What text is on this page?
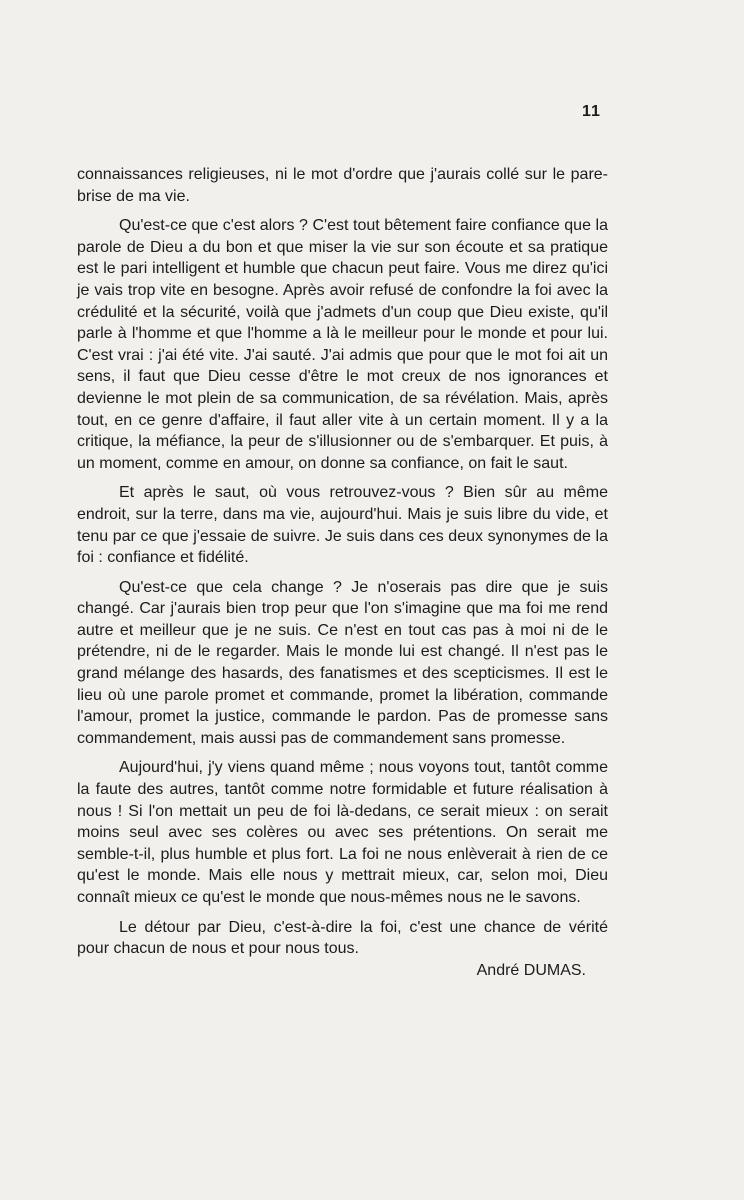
11

connaissances religieuses, ni le mot d'ordre que j'aurais collé sur le pare-brise de ma vie.

Qu'est-ce que c'est alors ? C'est tout bêtement faire confiance que la parole de Dieu a du bon et que miser la vie sur son écoute et sa pratique est le pari intelligent et humble que chacun peut faire. Vous me direz qu'ici je vais trop vite en besogne. Après avoir refusé de confondre la foi avec la crédulité et la sécurité, voilà que j'admets d'un coup que Dieu existe, qu'il parle à l'homme et que l'homme a là le meilleur pour le monde et pour lui. C'est vrai : j'ai été vite. J'ai sauté. J'ai admis que pour que le mot foi ait un sens, il faut que Dieu cesse d'être le mot creux de nos ignorances et devienne le mot plein de sa communication, de sa révélation. Mais, après tout, en ce genre d'affaire, il faut aller vite à un certain moment. Il y a la critique, la méfiance, la peur de s'illusionner ou de s'embarquer. Et puis, à un moment, comme en amour, on donne sa confiance, on fait le saut.

Et après le saut, où vous retrouvez-vous ? Bien sûr au même endroit, sur la terre, dans ma vie, aujourd'hui. Mais je suis libre du vide, et tenu par ce que j'essaie de suivre. Je suis dans ces deux synonymes de la foi : confiance et fidélité.

Qu'est-ce que cela change ? Je n'oserais pas dire que je suis changé. Car j'aurais bien trop peur que l'on s'imagine que ma foi me rend autre et meilleur que je ne suis. Ce n'est en tout cas pas à moi ni de le prétendre, ni de le regarder. Mais le monde lui est changé. Il n'est pas le grand mélange des hasards, des fanatismes et des scepticismes. Il est le lieu où une parole promet et commande, promet la libération, commande l'amour, promet la justice, commande le pardon. Pas de promesse sans commandement, mais aussi pas de commandement sans promesse.

Aujourd'hui, j'y viens quand même ; nous voyons tout, tantôt comme la faute des autres, tantôt comme notre formidable et future réalisation à nous ! Si l'on mettait un peu de foi là-dedans, ce serait mieux : on serait moins seul avec ses colères ou avec ses prétentions. On serait me semble-t-il, plus humble et plus fort. La foi ne nous enlèverait à rien de ce qu'est le monde. Mais elle nous y mettrait mieux, car, selon moi, Dieu connaît mieux ce qu'est le monde que nous-mêmes nous ne le savons.

Le détour par Dieu, c'est-à-dire la foi, c'est une chance de vérité pour chacun de nous et pour nous tous.

André DUMAS.
